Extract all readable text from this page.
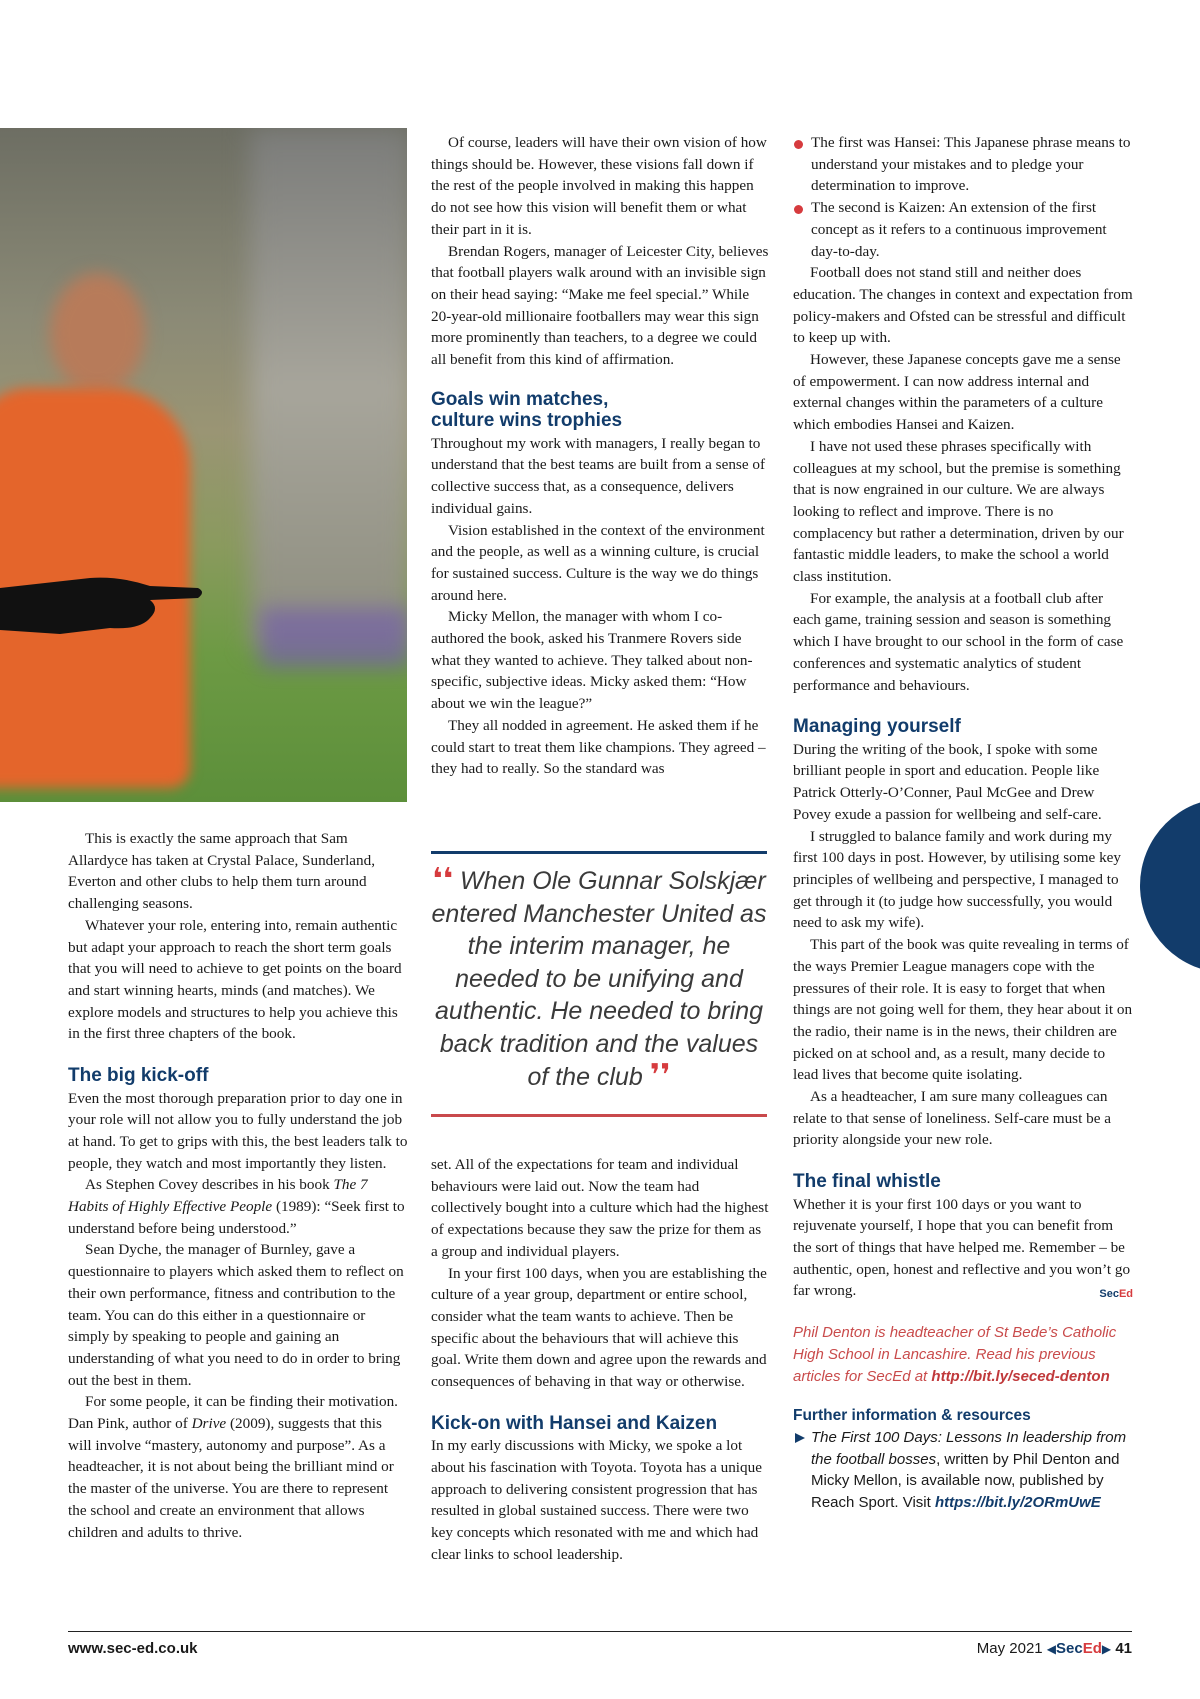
This is exactly the same approach that Sam Allardyce has taken at Crystal Palace, Sunderland, Everton and other clubs to help them turn around challenging seasons.

Whatever your role, entering into, remain authentic but adapt your approach to reach the short term goals that you will need to achieve to get points on the board and start winning hearts, minds (and matches). We explore models and structures to help you achieve this in the first three chapters of the book.

The big kick-off

Even the most thorough preparation prior to day one in your role will not allow you to fully understand the job at hand. To get to grips with this, the best leaders talk to people, they watch and most importantly they listen.

As Stephen Covey describes in his book The 7 Habits of Highly Effective People (1989): “Seek first to understand before being understood.”

Sean Dyche, the manager of Burnley, gave a questionnaire to players which asked them to reflect on their own performance, fitness and contribution to the team. You can do this either in a questionnaire or simply by speaking to people and gaining an understanding of what you need to do in order to bring out the best in them.

For some people, it can be finding their motivation. Dan Pink, author of Drive (2009), suggests that this will involve “mastery, autonomy and purpose”. As a headteacher, it is not about being the brilliant mind or the master of the universe. You are there to represent the school and create an environment that allows children and adults to thrive.

Of course, leaders will have their own vision of how things should be. However, these visions fall down if the rest of the people involved in making this happen do not see how this vision will benefit them or what their part in it is.

Brendan Rogers, manager of Leicester City, believes that football players walk around with an invisible sign on their head saying: “Make me feel special.” While 20-year-old millionaire footballers may wear this sign more prominently than teachers, to a degree we could all benefit from this kind of affirmation.

Goals win matches,
culture wins trophies

Throughout my work with managers, I really began to understand that the best teams are built from a sense of collective success that, as a consequence, delivers individual gains.

Vision established in the context of the environment and the people, as well as a winning culture, is crucial for sustained success. Culture is the way we do things around here.

Micky Mellon, the manager with whom I co-authored the book, asked his Tranmere Rovers side what they wanted to achieve. They talked about non-specific, subjective ideas. Micky asked them: “How about we win the league?”

They all nodded in agreement. He asked them if he could start to treat them like champions. They agreed – they had to really. So the standard was

❛❛ When Ole Gunnar Solskjær entered Manchester United as the interim manager, he needed to be unifying and authentic. He needed to bring back tradition and the values of the club ❜❜

set. All of the expectations for team and individual behaviours were laid out. Now the team had collectively bought into a culture which had the highest of expectations because they saw the prize for them as a group and individual players.

In your first 100 days, when you are establishing the culture of a year group, department or entire school, consider what the team wants to achieve. Then be specific about the behaviours that will achieve this goal. Write them down and agree upon the rewards and consequences of behaving in that way or otherwise.

Kick-on with Hansei and Kaizen

In my early discussions with Micky, we spoke a lot about his fascination with Toyota. Toyota has a unique approach to delivering consistent progression that has resulted in global sustained success. There were two key concepts which resonated with me and which had clear links to school leadership.

The first was Hansei: This Japanese phrase means to understand your mistakes and to pledge your determination to improve.
The second is Kaizen: An extension of the first concept as it refers to a continuous improvement day-to-day.

Football does not stand still and neither does education. The changes in context and expectation from policy-makers and Ofsted can be stressful and difficult to keep up with.

However, these Japanese concepts gave me a sense of empowerment. I can now address internal and external changes within the parameters of a culture which embodies Hansei and Kaizen.

I have not used these phrases specifically with colleagues at my school, but the premise is something that is now engrained in our culture. We are always looking to reflect and improve. There is no complacency but rather a determination, driven by our fantastic middle leaders, to make the school a world class institution.

For example, the analysis at a football club after each game, training session and season is something which I have brought to our school in the form of case conferences and systematic analytics of student performance and behaviours.

Managing yourself

During the writing of the book, I spoke with some brilliant people in sport and education. People like Patrick Otterly-O’Conner, Paul McGee and Drew Povey exude a passion for wellbeing and self-care.

I struggled to balance family and work during my first 100 days in post. However, by utilising some key principles of wellbeing and perspective, I managed to get through it (to judge how successfully, you would need to ask my wife).

This part of the book was quite revealing in terms of the ways Premier League managers cope with the pressures of their role. It is easy to forget that when things are not going well for them, they hear about it on the radio, their name is in the news, their children are picked on at school and, as a result, many decide to lead lives that become quite isolating.

As a headteacher, I am sure many colleagues can relate to that sense of loneliness. Self-care must be a priority alongside your new role.

The final whistle

Whether it is your first 100 days or you want to rejuvenate yourself, I hope that you can benefit from the sort of things that have helped me. Remember – be authentic, open, honest and reflective and you won’t go far wrong.	SecEd

Phil Denton is headteacher of St Bede’s Catholic High School in Lancashire. Read his previous articles for SecEd at http://bit.ly/seced-denton
Further information & resources
The First 100 Days: Lessons In leadership from the football bosses, written by Phil Denton and Micky Mellon, is available now, published by Reach Sport. Visit https://bit.ly/2ORmUwE
www.sec-ed.co.uk	May 2021 ◀SecEd▶ 41
